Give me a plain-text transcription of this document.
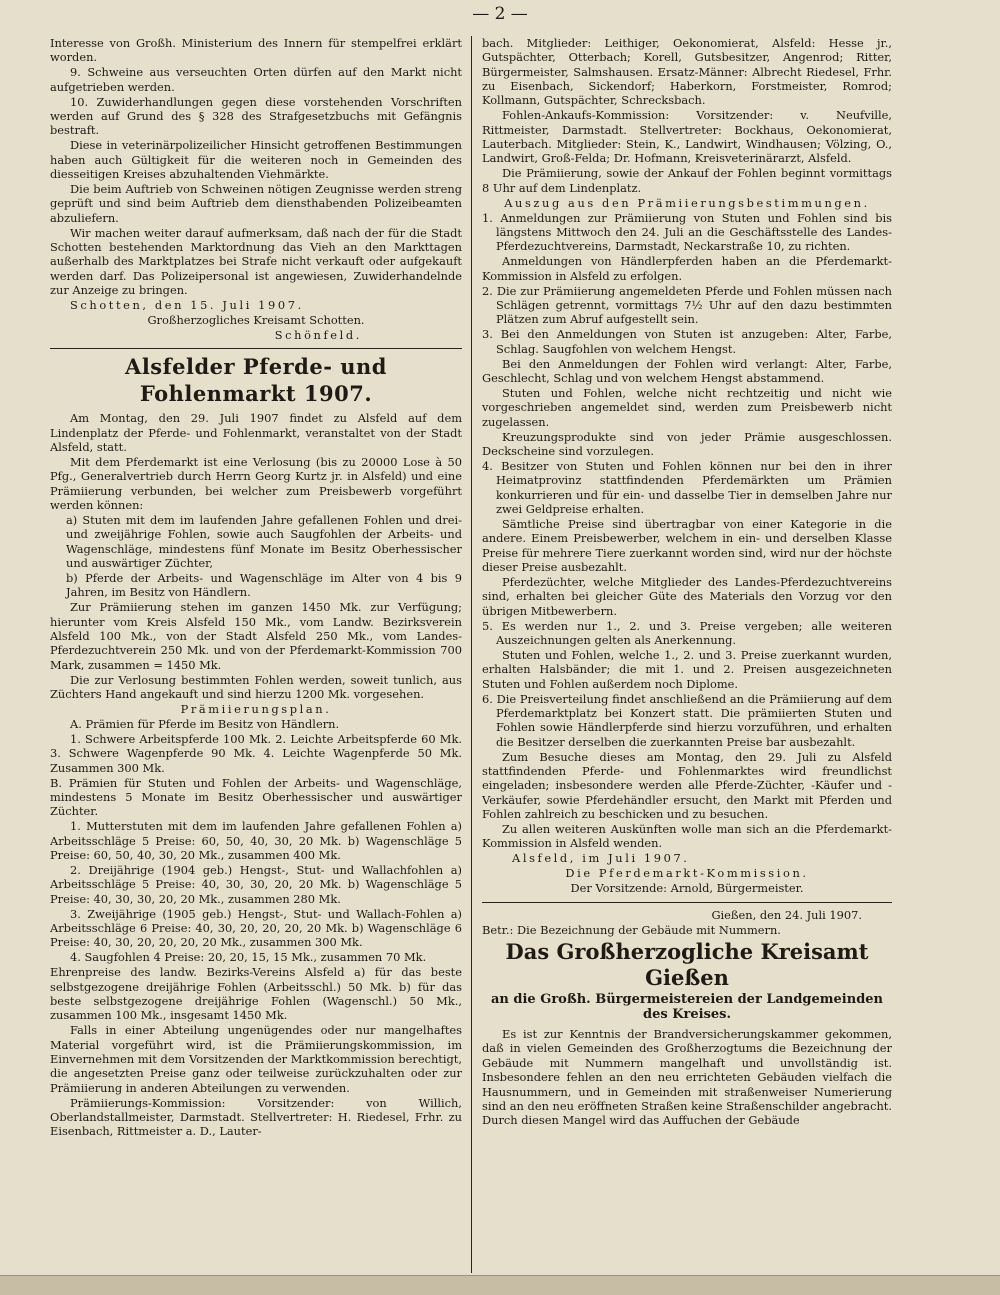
— 2 —

Interesse von Großh. Ministerium des Innern für stempelfrei erklärt worden.

9. Schweine aus verseuchten Orten dürfen auf den Markt nicht aufgetrieben werden.

10. Zuwiderhandlungen gegen diese vorstehenden Vorschriften werden auf Grund des § 328 des Strafgesetzbuchs mit Gefängnis bestraft.

Diese in veterinärpolizeilicher Hinsicht getroffenen Bestimmungen haben auch Gültigkeit für die weiteren noch in Gemeinden des diesseitigen Kreises abzuhaltenden Viehmärkte.

Die beim Auftrieb von Schweinen nötigen Zeugnisse werden streng geprüft und sind beim Auftrieb dem diensthabenden Polizeibeamten abzuliefern.

Wir machen weiter darauf aufmerksam, daß nach der für die Stadt Schotten bestehenden Marktordnung das Vieh an den Markttagen außerhalb des Marktplatzes bei Strafe nicht verkauft oder aufgekauft werden darf. Das Polizeipersonal ist angewiesen, Zuwiderhandelnde zur Anzeige zu bringen.

Schotten, den 15. Juli 1907.

Großherzogliches Kreisamt Schotten.

Schönfeld.

Alsfelder Pferde- und Fohlenmarkt 1907.

Am Montag, den 29. Juli 1907 findet zu Alsfeld auf dem Lindenplatz der Pferde- und Fohlenmarkt, veranstaltet von der Stadt Alsfeld, statt.

Mit dem Pferdemarkt ist eine Verlosung (bis zu 20000 Lose à 50 Pfg., Generalvertrieb durch Herrn Georg Kurtz jr. in Alsfeld) und eine Prämiierung verbunden, bei welcher zum Preisbewerb vorgeführt werden können:

a) Stuten mit dem im laufenden Jahre gefallenen Fohlen und drei- und zweijährige Fohlen, sowie auch Saugfohlen der Arbeits- und Wagenschläge, mindestens fünf Monate im Besitz Oberhessischer und auswärtiger Züchter,

b) Pferde der Arbeits- und Wagenschläge im Alter von 4 bis 9 Jahren, im Besitz von Händlern.

Zur Prämiierung stehen im ganzen 1450 Mk. zur Verfügung; hierunter vom Kreis Alsfeld 150 Mk., vom Landw. Bezirksverein Alsfeld 100 Mk., von der Stadt Alsfeld 250 Mk., vom Landes-Pferdezuchtverein 250 Mk. und von der Pferdemarkt-Kommission 700 Mark, zusammen = 1450 Mk.

Die zur Verlosung bestimmten Fohlen werden, soweit tunlich, aus Züchters Hand angekauft und sind hierzu 1200 Mk. vorgesehen.

Prämiierungsplan.

A. Prämien für Pferde im Besitz von Händlern.

1. Schwere Arbeitspferde 100 Mk. 2. Leichte Arbeitspferde 60 Mk. 3. Schwere Wagenpferde 90 Mk. 4. Leichte Wagenpferde 50 Mk. Zusammen 300 Mk.

B. Prämien für Stuten und Fohlen der Arbeits- und Wagenschläge, mindestens 5 Monate im Besitz Oberhessischer und auswärtiger Züchter.

1. Mutterstuten mit dem im laufenden Jahre gefallenen Fohlen a) Arbeitsschläge 5 Preise: 60, 50, 40, 30, 20 Mk. b) Wagenschläge 5 Preise: 60, 50, 40, 30, 20 Mk., zusammen 400 Mk.

2. Dreijährige (1904 geb.) Hengst-, Stut- und Wallachfohlen a) Arbeitsschläge 5 Preise: 40, 30, 30, 20, 20 Mk. b) Wagenschläge 5 Preise: 40, 30, 30, 20, 20 Mk., zusammen 280 Mk.

3. Zweijährige (1905 geb.) Hengst-, Stut- und Wallach-Fohlen a) Arbeitsschläge 6 Preise: 40, 30, 20, 20, 20, 20 Mk. b) Wagenschläge 6 Preise: 40, 30, 20, 20, 20, 20 Mk., zusammen 300 Mk.

4. Saugfohlen 4 Preise: 20, 20, 15, 15 Mk., zusammen 70 Mk.

Ehrenpreise des landw. Bezirks-Vereins Alsfeld a) für das beste selbstgezogene dreijährige Fohlen (Arbeitsschl.) 50 Mk. b) für das beste selbstgezogene dreijährige Fohlen (Wagenschl.) 50 Mk., zusammen 100 Mk., insgesamt 1450 Mk.

Falls in einer Abteilung ungenügendes oder nur mangelhaftes Material vorgeführt wird, ist die Prämiierungskommission, im Einvernehmen mit dem Vorsitzenden der Marktkommission berechtigt, die angesetzten Preise ganz oder teilweise zurückzuhalten oder zur Prämiierung in anderen Abteilungen zu verwenden.

Prämiierungs-Kommission: Vorsitzender: von Willich, Oberlandstallmeister, Darmstadt. Stellvertreter: H. Riedesel, Frhr. zu Eisenbach, Rittmeister a. D., Lauter-

bach. Mitglieder: Leithiger, Oekonomierat, Alsfeld: Hesse jr., Gutspächter, Otterbach; Korell, Gutsbesitzer, Angenrod; Ritter, Bürgermeister, Salmshausen. Ersatz-Männer: Albrecht Riedesel, Frhr. zu Eisenbach, Sickendorf; Haberkorn, Forstmeister, Romrod; Kollmann, Gutspächter, Schrecksbach.

Fohlen-Ankaufs-Kommission: Vorsitzender: v. Neufville, Rittmeister, Darmstadt. Stellvertreter: Bockhaus, Oekonomierat, Lauterbach. Mitglieder: Stein, K., Landwirt, Windhausen; Völzing, O., Landwirt, Groß-Felda; Dr. Hofmann, Kreisveterinärarzt, Alsfeld.

Die Prämiierung, sowie der Ankauf der Fohlen beginnt vormittags 8 Uhr auf dem Lindenplatz.

Auszug aus den Prämiierungsbestimmungen.

1. Anmeldungen zur Prämiierung von Stuten und Fohlen sind bis längstens Mittwoch den 24. Juli an die Geschäftsstelle des Landes-Pferdezuchtvereins, Darmstadt, Neckarstraße 10, zu richten.

Anmeldungen von Händlerpferden haben an die Pferdemarkt-Kommission in Alsfeld zu erfolgen.

2. Die zur Prämiierung angemeldeten Pferde und Fohlen müssen nach Schlägen getrennt, vormittags 7½ Uhr auf den dazu bestimmten Plätzen zum Abruf aufgestellt sein.

3. Bei den Anmeldungen von Stuten ist anzugeben: Alter, Farbe, Schlag. Saugfohlen von welchem Hengst.

Bei den Anmeldungen der Fohlen wird verlangt: Alter, Farbe, Geschlecht, Schlag und von welchem Hengst abstammend.

Stuten und Fohlen, welche nicht rechtzeitig und nicht wie vorgeschrieben angemeldet sind, werden zum Preisbewerb nicht zugelassen.

Kreuzungsprodukte sind von jeder Prämie ausgeschlossen. Deckscheine sind vorzulegen.

4. Besitzer von Stuten und Fohlen können nur bei den in ihrer Heimatprovinz stattfindenden Pferdemärkten um Prämien konkurrieren und für ein- und dasselbe Tier in demselben Jahre nur zwei Geldpreise erhalten.

Sämtliche Preise sind übertragbar von einer Kategorie in die andere. Einem Preisbewerber, welchem in ein- und derselben Klasse Preise für mehrere Tiere zuerkannt worden sind, wird nur der höchste dieser Preise ausbezahlt.

Pferdezüchter, welche Mitglieder des Landes-Pferdezuchtvereins sind, erhalten bei gleicher Güte des Materials den Vorzug vor den übrigen Mitbewerbern.

5. Es werden nur 1., 2. und 3. Preise vergeben; alle weiteren Auszeichnungen gelten als Anerkennung.

Stuten und Fohlen, welche 1., 2. und 3. Preise zuerkannt wurden, erhalten Halsbänder; die mit 1. und 2. Preisen ausgezeichneten Stuten und Fohlen außerdem noch Diplome.

6. Die Preisverteilung findet anschließend an die Prämiierung auf dem Pferdemarktplatz bei Konzert statt. Die prämiierten Stuten und Fohlen sowie Händlerpferde sind hierzu vorzuführen, und erhalten die Besitzer derselben die zuerkannten Preise bar ausbezahlt.

Zum Besuche dieses am Montag, den 29. Juli zu Alsfeld stattfindenden Pferde- und Fohlenmarktes wird freundlichst eingeladen; insbesondere werden alle Pferde-Züchter, -Käufer und -Verkäufer, sowie Pferdehändler ersucht, den Markt mit Pferden und Fohlen zahlreich zu beschicken und zu besuchen.

Zu allen weiteren Auskünften wolle man sich an die Pferdemarkt-Kommission in Alsfeld wenden.

Alsfeld, im Juli 1907.

Die Pferdemarkt-Kommission.

Der Vorsitzende: Arnold, Bürgermeister.

Gießen, den 24. Juli 1907.

Betr.: Die Bezeichnung der Gebäude mit Nummern.

Das Großherzogliche Kreisamt Gießen
an die Großh. Bürgermeistereien der Landgemeinden des Kreises.

Es ist zur Kenntnis der Brandversicherungskammer gekommen, daß in vielen Gemeinden des Großherzogtums die Bezeichnung der Gebäude mit Nummern mangelhaft und unvollständig ist. Insbesondere fehlen an den neu errichteten Gebäuden vielfach die Hausnummern, und in Gemeinden mit straßenweiser Numerierung sind an den neu eröffneten Straßen keine Straßenschilder angebracht. Durch diesen Mangel wird das Auffuchen der Gebäude
